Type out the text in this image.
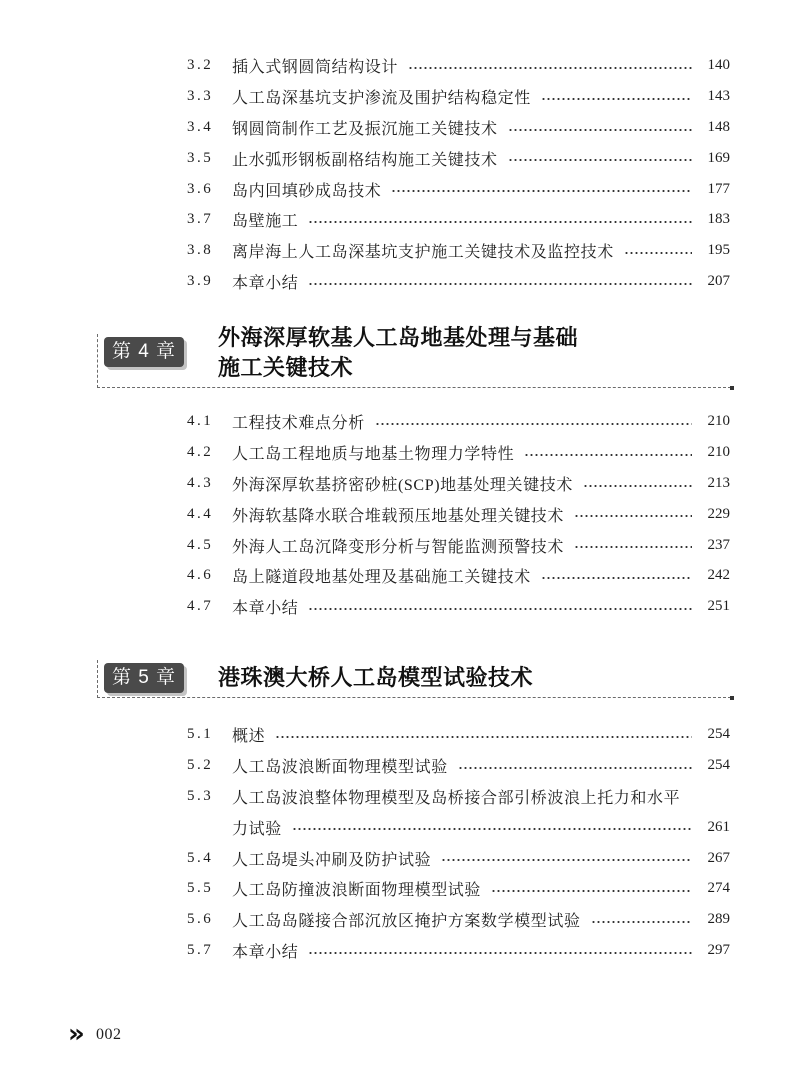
3.2	插入式钢圆筒结构设计	140
3.3	人工岛深基坑支护渗流及围护结构稳定性	143
3.4	钢圆筒制作工艺及振沉施工关键技术	148
3.5	止水弧形钢板副格结构施工关键技术	169
3.6	岛内回填砂成岛技术	177
3.7	岛壁施工	183
3.8	离岸海上人工岛深基坑支护施工关键技术及监控技术	195
3.9	本章小结	207
第 4 章
外海深厚软基人工岛地基处理与基础
施工关键技术
4.1	工程技术难点分析	210
4.2	人工岛工程地质与地基土物理力学特性	210
4.3	外海深厚软基挤密砂桩(SCP)地基处理关键技术	213
4.4	外海软基降水联合堆载预压地基处理关键技术	229
4.5	外海人工岛沉降变形分析与智能监测预警技术	237
4.6	岛上隧道段地基处理及基础施工关键技术	242
4.7	本章小结	251
第 5 章	港珠澳大桥人工岛模型试验技术
5.1	概述	254
5.2	人工岛波浪断面物理模型试验	254
5.3	人工岛波浪整体物理模型及岛桥接合部引桥波浪上托力和水平
力试验	261
5.4	人工岛堤头冲刷及防护试验	267
5.5	人工岛防撞波浪断面物理模型试验	274
5.6	人工岛岛隧接合部沉放区掩护方案数学模型试验	289
5.7	本章小结	297
» 002
